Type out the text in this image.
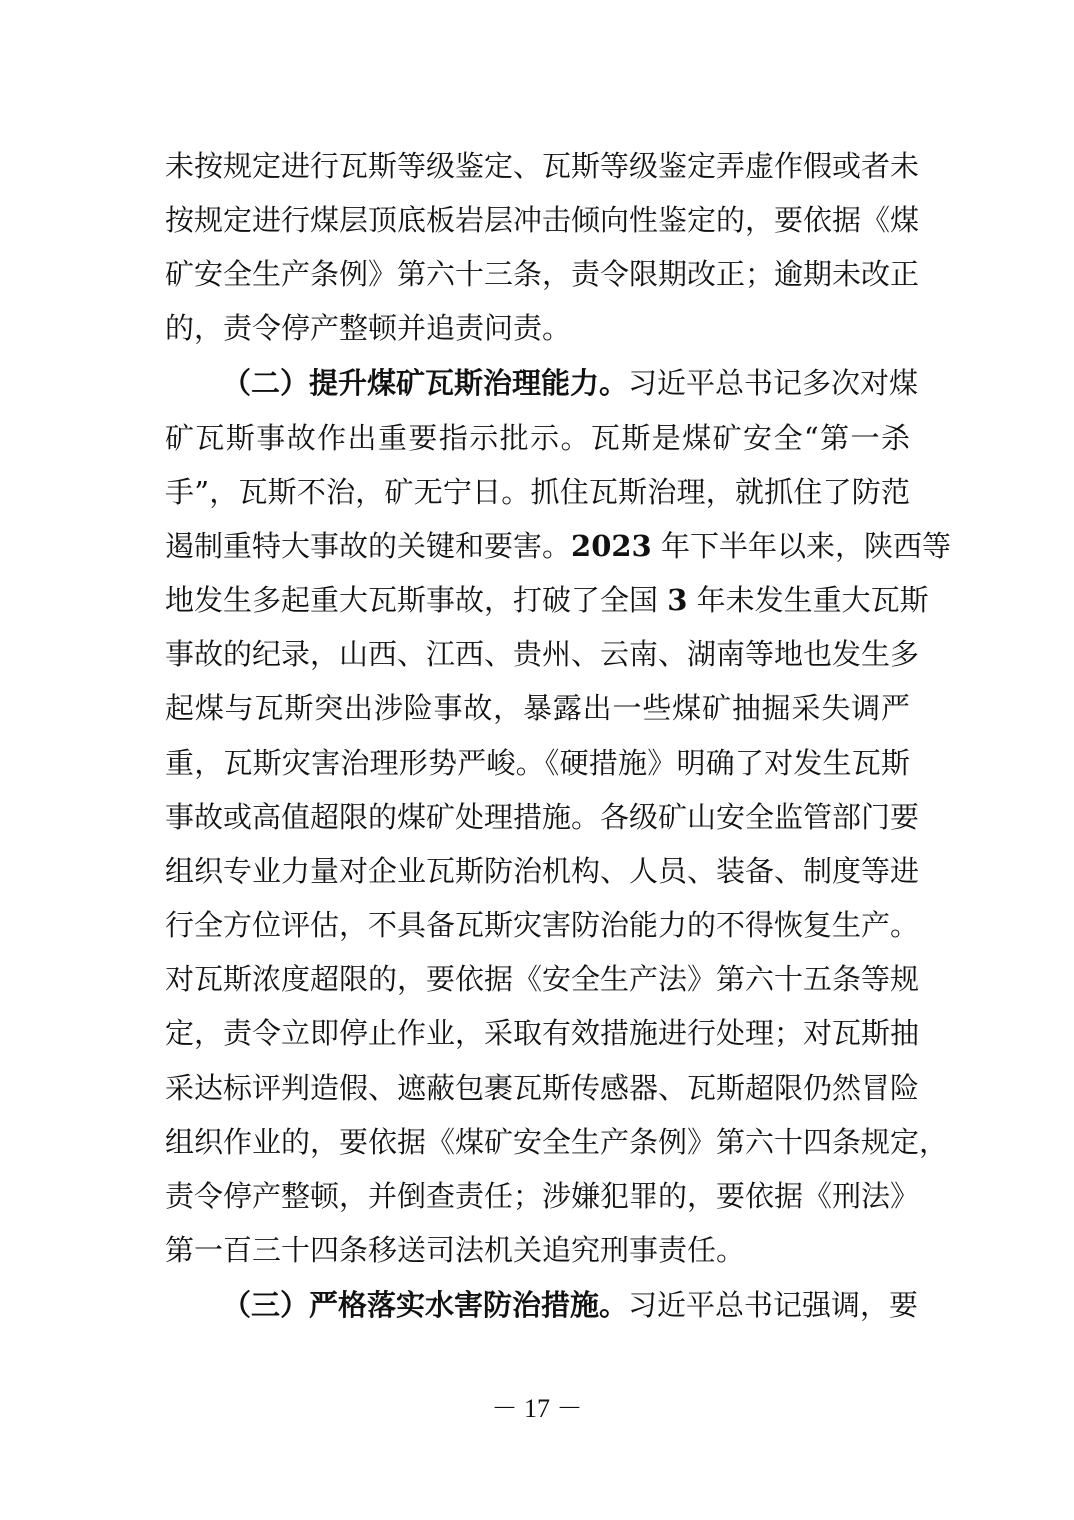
未按规定进行瓦斯等级鉴定、瓦斯等级鉴定弄虚作假或者未
按规定进行煤层顶底板岩层冲击倾向性鉴定的，要依据《煤
矿安全生产条例》第六十三条，责令限期改正；逾期未改正
的，责令停产整顿并追责问责。
（二）提升煤矿瓦斯治理能力。习近平总书记多次对煤
矿瓦斯事故作出重要指示批示。瓦斯是煤矿安全“第一杀
手”，瓦斯不治，矿无宁日。抓住瓦斯治理，就抓住了防范
遏制重特大事故的关键和要害。2023 年下半年以来，陕西等
地发生多起重大瓦斯事故，打破了全国 3 年未发生重大瓦斯
事故的纪录，山西、江西、贵州、云南、湖南等地也发生多
起煤与瓦斯突出涉险事故，暴露出一些煤矿抽掘采失调严
重，瓦斯灾害治理形势严峻。《硬措施》明确了对发生瓦斯
事故或高值超限的煤矿处理措施。各级矿山安全监管部门要
组织专业力量对企业瓦斯防治机构、人员、装备、制度等进
行全方位评估，不具备瓦斯灾害防治能力的不得恢复生产。
对瓦斯浓度超限的，要依据《安全生产法》第六十五条等规
定，责令立即停止作业，采取有效措施进行处理；对瓦斯抽
采达标评判造假、遮蔽包裹瓦斯传感器、瓦斯超限仍然冒险
组织作业的，要依据《煤矿安全生产条例》第六十四条规定，
责令停产整顿，并倒查责任；涉嫌犯罪的，要依据《刑法》
第一百三十四条移送司法机关追究刑事责任。
（三）严格落实水害防治措施。习近平总书记强调，要
－ 17 －
